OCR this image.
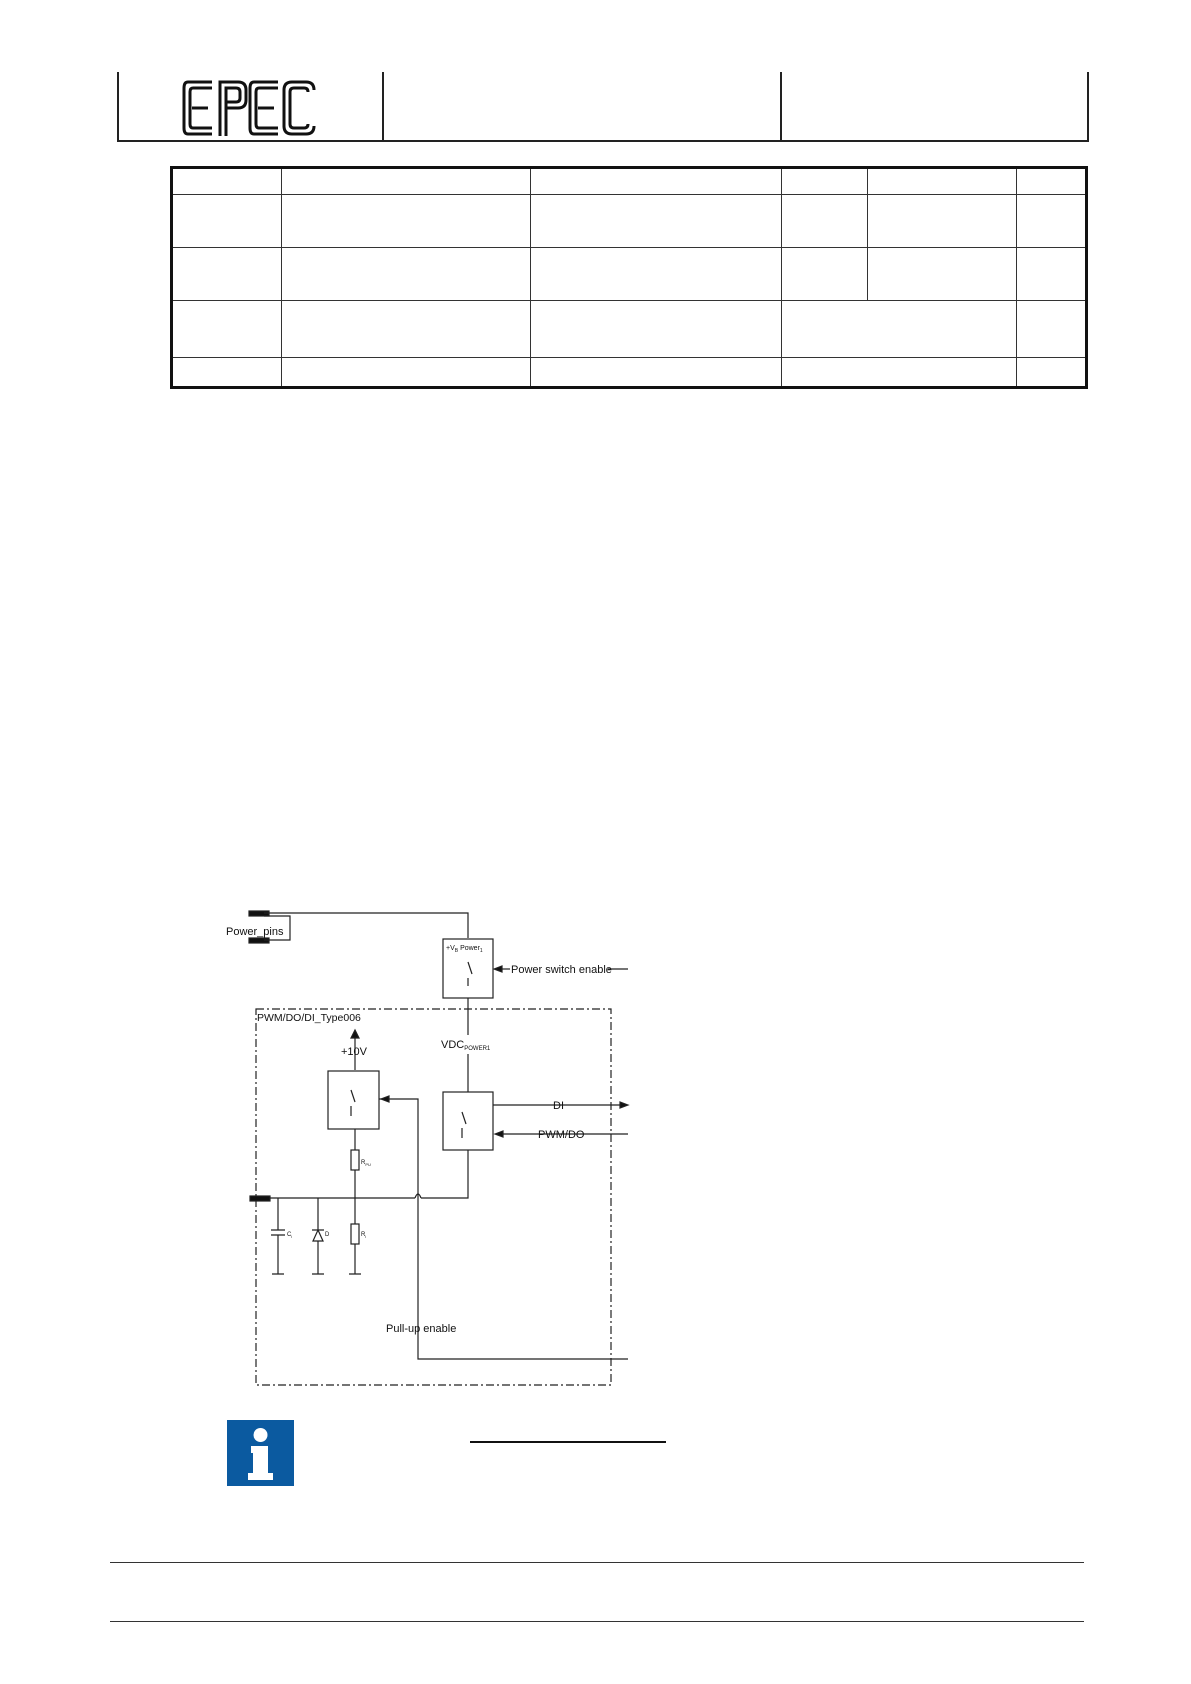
Power_pins
$+V_B$ Power$_1$
Power switch enable
PWM/DO/DI_Type006
VDCPOWER1
+10V
DI
PWM/DO
$R_{PU}$
$C_i$	D	$R_i$
Pull-up enable
